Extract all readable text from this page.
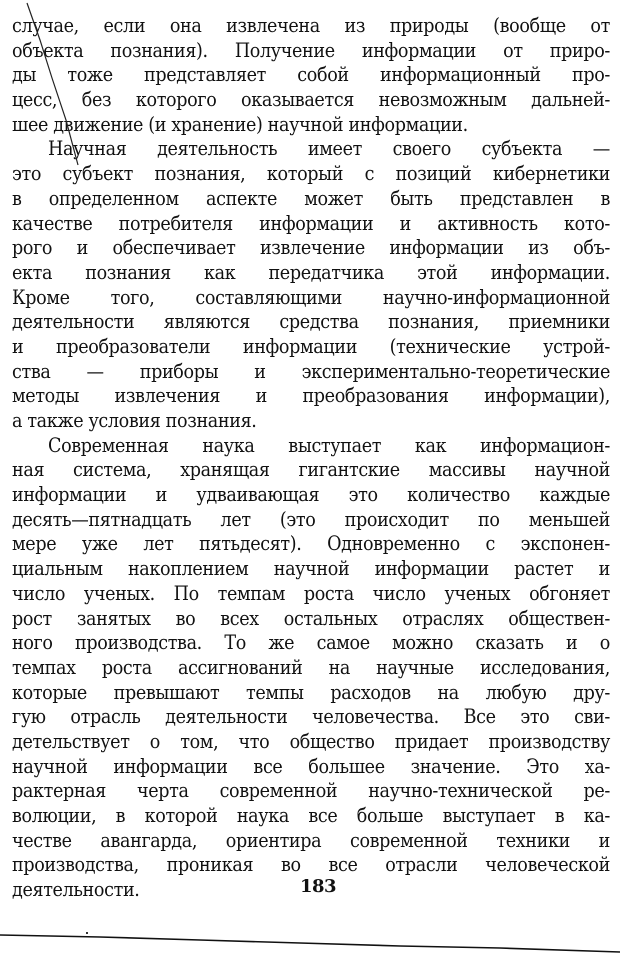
случае, если она извлечена из природы (вообще от
объекта познания). Получение информации от приро-
ды тоже представляет собой информационный про-
цесс, без которого оказывается невозможным дальней-
шее движение (и хранение) научной информации.
Научная деятельность имеет своего субъекта —
это субъект познания, который с позиций кибернетики
в определенном аспекте может быть представлен в
качестве потребителя информации и активность кото-
рого и обеспечивает извлечение информации из объ-
екта познания как передатчика этой информации.
Кроме того, составляющими научно-информационной
деятельности являются средства познания, приемники
и преобразователи информации (технические устрой-
ства — приборы и экспериментально-теоретические
методы извлечения и преобразования информации),
а также условия познания.
Современная наука выступает как информацион-
ная система, хранящая гигантские массивы научной
информации и удваивающая это количество каждые
десять—пятнадцать лет (это происходит по меньшей
мере уже лет пятьдесят). Одновременно с экспонен-
циальным накоплением научной информации растет и
число ученых. По темпам роста число ученых обгоняет
рост занятых во всех остальных отраслях обществен-
ного производства. То же самое можно сказать и о
темпах роста ассигнований на научные исследования,
которые превышают темпы расходов на любую дру-
гую отрасль деятельности человечества. Все это сви-
детельствует о том, что общество придает производству
научной информации все большее значение. Это ха-
рактерная черта современной научно-технической ре-
волюции, в которой наука все больше выступает в ка-
честве авангарда, ориентира современной техники и
производства, проникая во все отрасли человеческой
деятельности.	183
